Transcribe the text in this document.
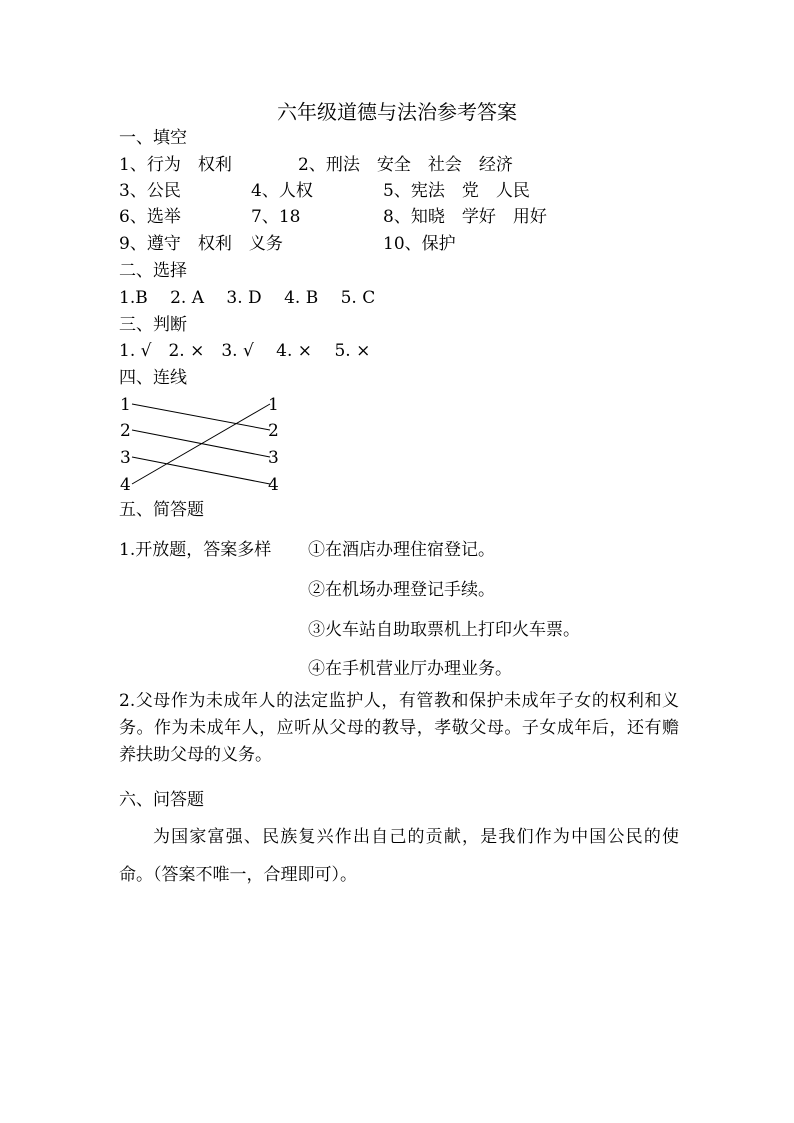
六年级道德与法治参考答案
一、填空
1、行为　权利	2、刑法　安全　社会　经济
3、公民	4、人权	5、宪法　党　人民
6、选举	7、18	8、知晓　学好　用好
9、遵守　权利　义务	10、保护
二、选择
1.B　 2. A　 3. D　 4. B　 5. C
三、判断
1. √　2. ×　3. √　 4. ×　 5. ×
四、连线
1
2
3
4
1
2
3
4
五、简答题
1.开放题，答案多样 ①在酒店办理住宿登记。
②在机场办理登记手续。
③火车站自助取票机上打印火车票。
④在手机营业厅办理业务。
2.父母作为未成年人的法定监护人，有管教和保护未成年子女的权利和义务。作为未成年人，应听从父母的教导，孝敬父母。子女成年后，还有赡养扶助父母的义务。
六、问答题
为国家富强、民族复兴作出自己的贡献，是我们作为中国公民的使命。（答案不唯一，合理即可）。
